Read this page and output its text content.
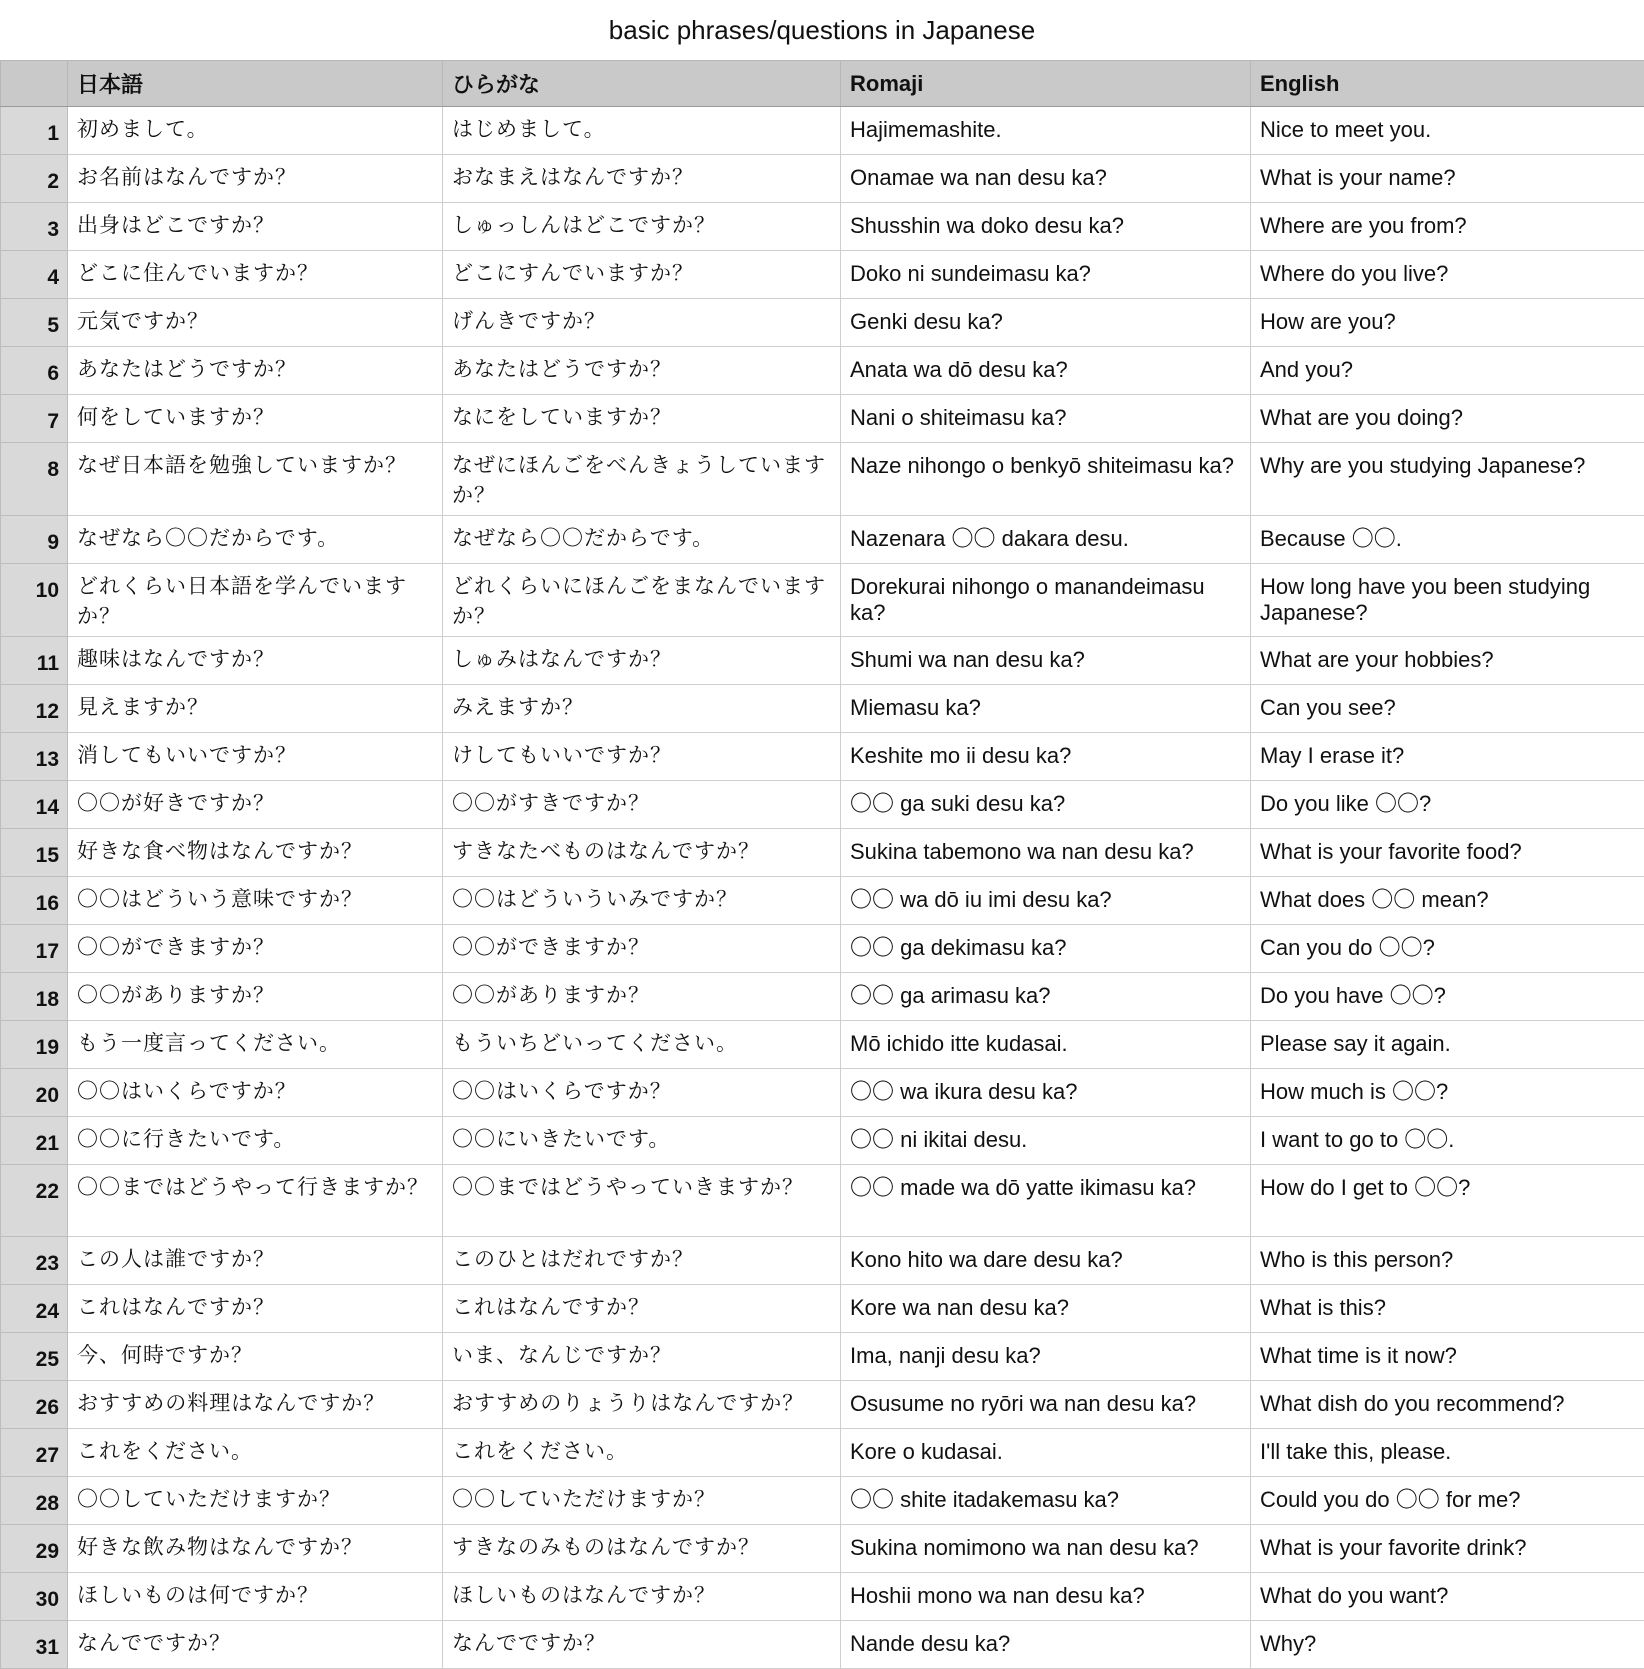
basic phrases/questions in Japanese
	日本語	ひらがな	Romaji	English
1	初めまして。	はじめまして。	Hajimemashite.	Nice to meet you.
2	お名前はなんですか？	おなまえはなんですか？	Onamae wa nan desu ka?	What is your name?
3	出身はどこですか？	しゅっしんはどこですか？	Shusshin wa doko desu ka?	Where are you from?
4	どこに住んでいますか？	どこにすんでいますか？	Doko ni sundeimasu ka?	Where do you live?
5	元気ですか？	げんきですか？	Genki desu ka?	How are you?
6	あなたはどうですか？	あなたはどうですか？	Anata wa dō desu ka?	And you?
7	何をしていますか？	なにをしていますか？	Nani o shiteimasu ka?	What are you doing?
8	なぜ日本語を勉強していますか？	なぜにほんごをべんきょうしていますか？	Naze nihongo o benkyō shiteimasu ka?	Why are you studying Japanese?
9	なぜなら〇〇だからです。	なぜなら〇〇だからです。	Nazenara 〇〇 dakara desu.	Because 〇〇.
10	どれくらい日本語を学んでいますか？	どれくらいにほんごをまなんでいますか？	Dorekurai nihongo o manandeimasu ka?	How long have you been studying Japanese?
11	趣味はなんですか？	しゅみはなんですか？	Shumi wa nan desu ka?	What are your hobbies?
12	見えますか？	みえますか？	Miemasu ka?	Can you see?
13	消してもいいですか？	けしてもいいですか？	Keshite mo ii desu ka?	May I erase it?
14	〇〇が好きですか？	〇〇がすきですか？	〇〇 ga suki desu ka?	Do you like 〇〇?
15	好きな食べ物はなんですか？	すきなたべものはなんですか？	Sukina tabemono wa nan desu ka?	What is your favorite food?
16	〇〇はどういう意味ですか？	〇〇はどういういみですか？	〇〇 wa dō iu imi desu ka?	What does 〇〇 mean?
17	〇〇ができますか？	〇〇ができますか？	〇〇 ga dekimasu ka?	Can you do 〇〇?
18	〇〇がありますか？	〇〇がありますか？	〇〇 ga arimasu ka?	Do you have 〇〇?
19	もう一度言ってください。	もういちどいってください。	Mō ichido itte kudasai.	Please say it again.
20	〇〇はいくらですか？	〇〇はいくらですか？	〇〇 wa ikura desu ka?	How much is 〇〇?
21	〇〇に行きたいです。	〇〇にいきたいです。	〇〇 ni ikitai desu.	I want to go to 〇〇.
22	〇〇まではどうやって行きますか？	〇〇まではどうやっていきますか？	〇〇 made wa dō yatte ikimasu ka?	How do I get to 〇〇?
23	この人は誰ですか？	このひとはだれですか？	Kono hito wa dare desu ka?	Who is this person?
24	これはなんですか？	これはなんですか？	Kore wa nan desu ka?	What is this?
25	今、何時ですか？	いま、なんじですか？	Ima, nanji desu ka?	What time is it now?
26	おすすめの料理はなんですか？	おすすめのりょうりはなんですか？	Osusume no ryōri wa nan desu ka?	What dish do you recommend?
27	これをください。	これをください。	Kore o kudasai.	I'll take this, please.
28	〇〇していただけますか？	〇〇していただけますか？	〇〇 shite itadakemasu ka?	Could you do 〇〇 for me?
29	好きな飲み物はなんですか？	すきなのみものはなんですか？	Sukina nomimono wa nan desu ka?	What is your favorite drink?
30	ほしいものは何ですか？	ほしいものはなんですか？	Hoshii mono wa nan desu ka?	What do you want?
31	なんでですか？	なんでですか？	Nande desu ka?	Why?
